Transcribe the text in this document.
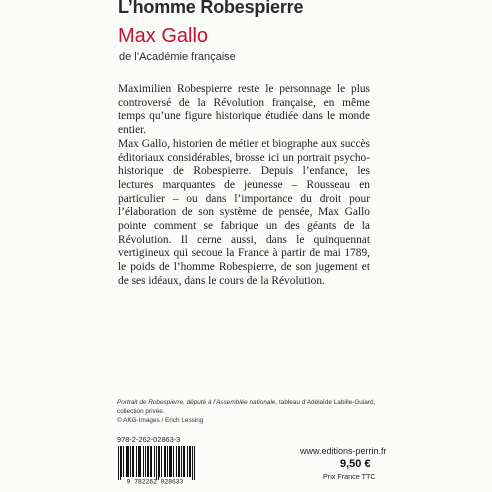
L’homme Robespierre
Max Gallo
de l’Académie française

Maximilien Robespierre reste le personnage le plus controversé de la Révolution française, en même temps qu’une figure historique étudiée dans le monde entier.

Max Gallo, historien de métier et biographe aux succès éditoriaux considérables, brosse ici un portrait psycho-historique de Robespierre. Depuis l’enfance, les lectures marquantes de jeunesse – Rousseau en particulier – ou dans l’importance du droit pour l’élaboration de son système de pensée, Max Gallo pointe comment se fabrique un des géants de la Révolution. Il cerne aussi, dans le quinquennat vertigineux qui secoue la France à partir de mai 1789, le poids de l’homme Robespierre, de son jugement et de ses idéaux, dans le cours de la Révolution.

Portrait de Robespierre, député à l’Assemblée nationale, tableau d’Adélaïde Labille-Guiard,
collection privée.
© AKG-Images / Erich Lessing
978-2-262-02863-3
9 782262 028633
www.editions-perrin.fr
9,50 €
Prix France TTC
